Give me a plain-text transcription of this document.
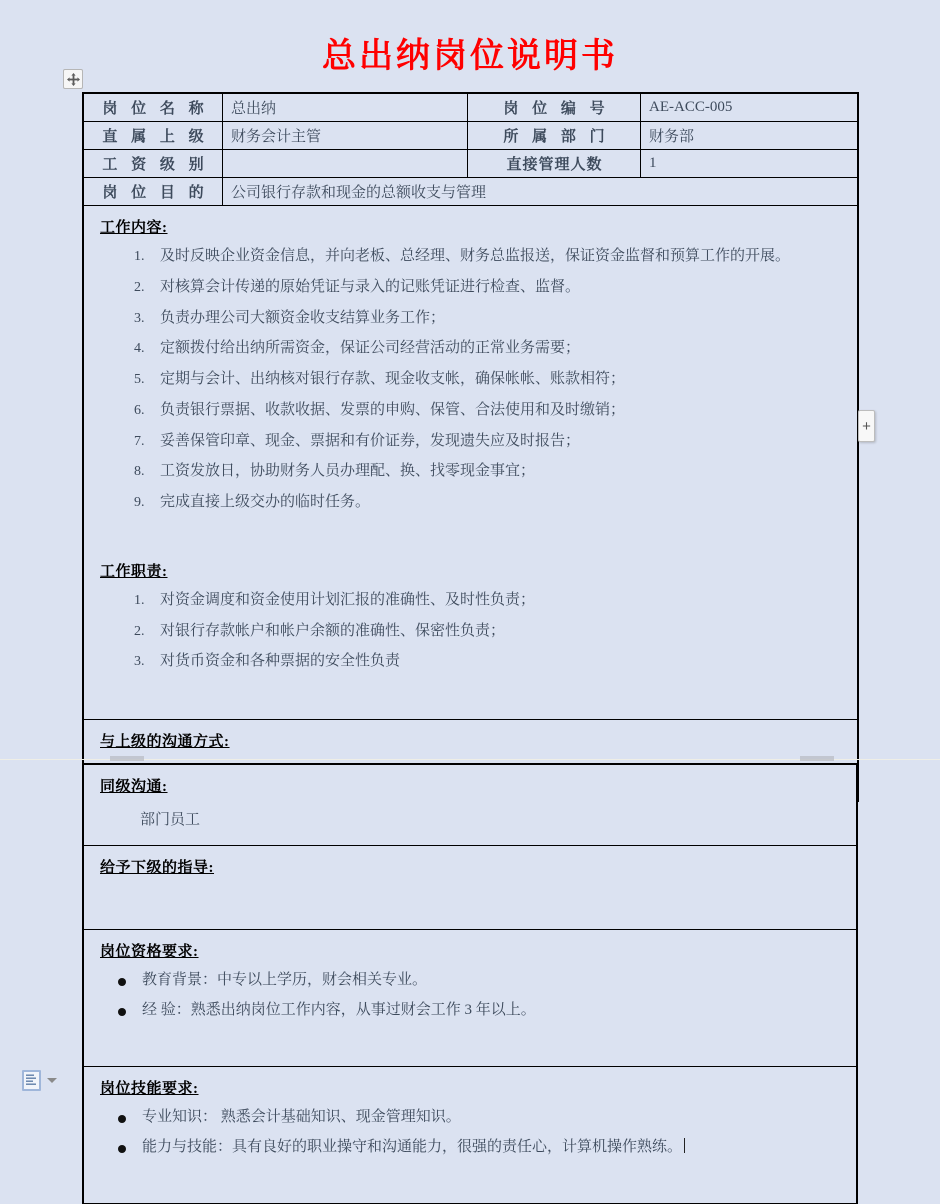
总出纳岗位说明书
+
岗 位 名 称	总出纳	岗 位 编 号	AE-ACC-005
直 属 上 级	财务会计主管	所 属 部 门	财务部
工 资 级 别		直接管理人数	1
岗 位 目 的	公司银行存款和现金的总额收支与管理		

工作内容:
1. 及时反映企业资金信息，并向老板、总经理、财务总监报送，保证资金监督和预算工作的开展。
2. 对核算会计传递的原始凭证与录入的记账凭证进行检查、监督。
3. 负责办理公司大额资金收支结算业务工作；
4. 定额拨付给出纳所需资金，保证公司经营活动的正常业务需要；
5. 定期与会计、出纳核对银行存款、现金收支帐，确保帐帐、账款相符；
6. 负责银行票据、收款收据、发票的申购、保管、合法使用和及时缴销；
7. 妥善保管印章、现金、票据和有价证券，发现遗失应及时报告；
8. 工资发放日，协助财务人员办理配、换、找零现金事宜；
9. 完成直接上级交办的临时任务。
工作职责:
1. 对资金调度和资金使用计划汇报的准确性、及时性负责；
2. 对银行存款帐户和帐户余额的准确性、保密性负责；
3. 对货币资金和各种票据的安全性负责

与上级的沟通方式:			
同级沟通:
部门员工

给予下级的指导:

岗位资格要求:
教育背景：中专以上学历，财会相关专业。
经 验：熟悉出纳岗位工作内容，从事过财会工作 3 年以上。

岗位技能要求:
专业知识： 熟悉会计基础知识、现金管理知识。
能力与技能：具有良好的职业操守和沟通能力，很强的责任心，计算机操作熟练。
